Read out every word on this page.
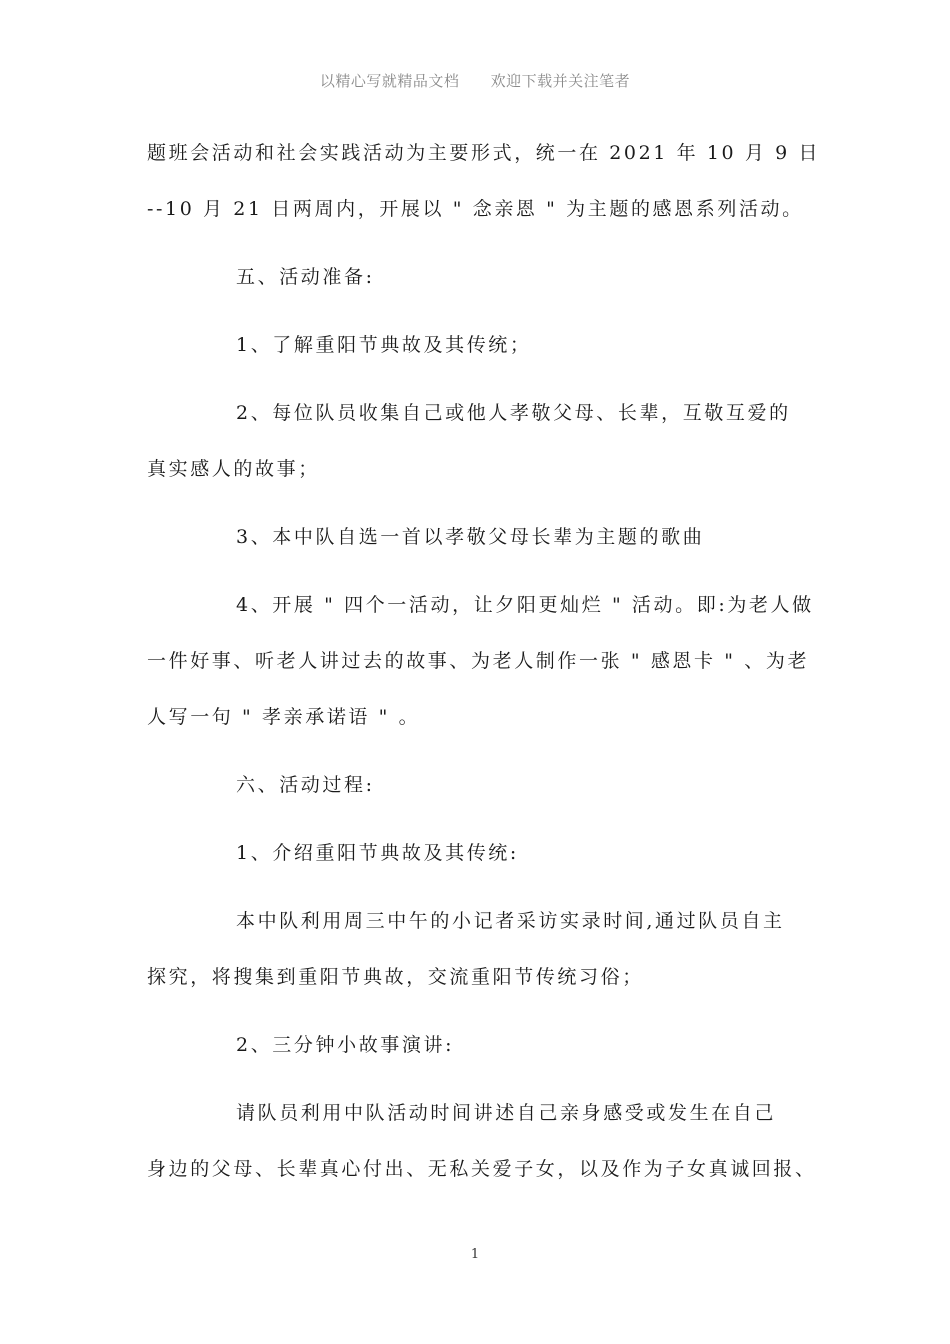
以精心写就精品文档 欢迎下载并关注笔者
题班会活动和社会实践活动为主要形式，统一在 2021 年 10 月 9 日
--10 月 21 日两周内，开展以 " 念亲恩 " 为主题的感恩系列活动。
五、活动准备:
1、了解重阳节典故及其传统；
2、每位队员收集自己或他人孝敬父母、长辈，互敬互爱的
真实感人的故事；
3、本中队自选一首以孝敬父母长辈为主题的歌曲
4、开展 " 四个一活动，让夕阳更灿烂 " 活动。即:为老人做
一件好事、听老人讲过去的故事、为老人制作一张 " 感恩卡 " 、为老
人写一句 " 孝亲承诺语 " 。
六、活动过程:
1、介绍重阳节典故及其传统:
本中队利用周三中午的小记者采访实录时间,通过队员自主
探究，将搜集到重阳节典故，交流重阳节传统习俗；
2、三分钟小故事演讲:
请队员利用中队活动时间讲述自己亲身感受或发生在自己
身边的父母、长辈真心付出、无私关爱子女，以及作为子女真诚回报、
1
